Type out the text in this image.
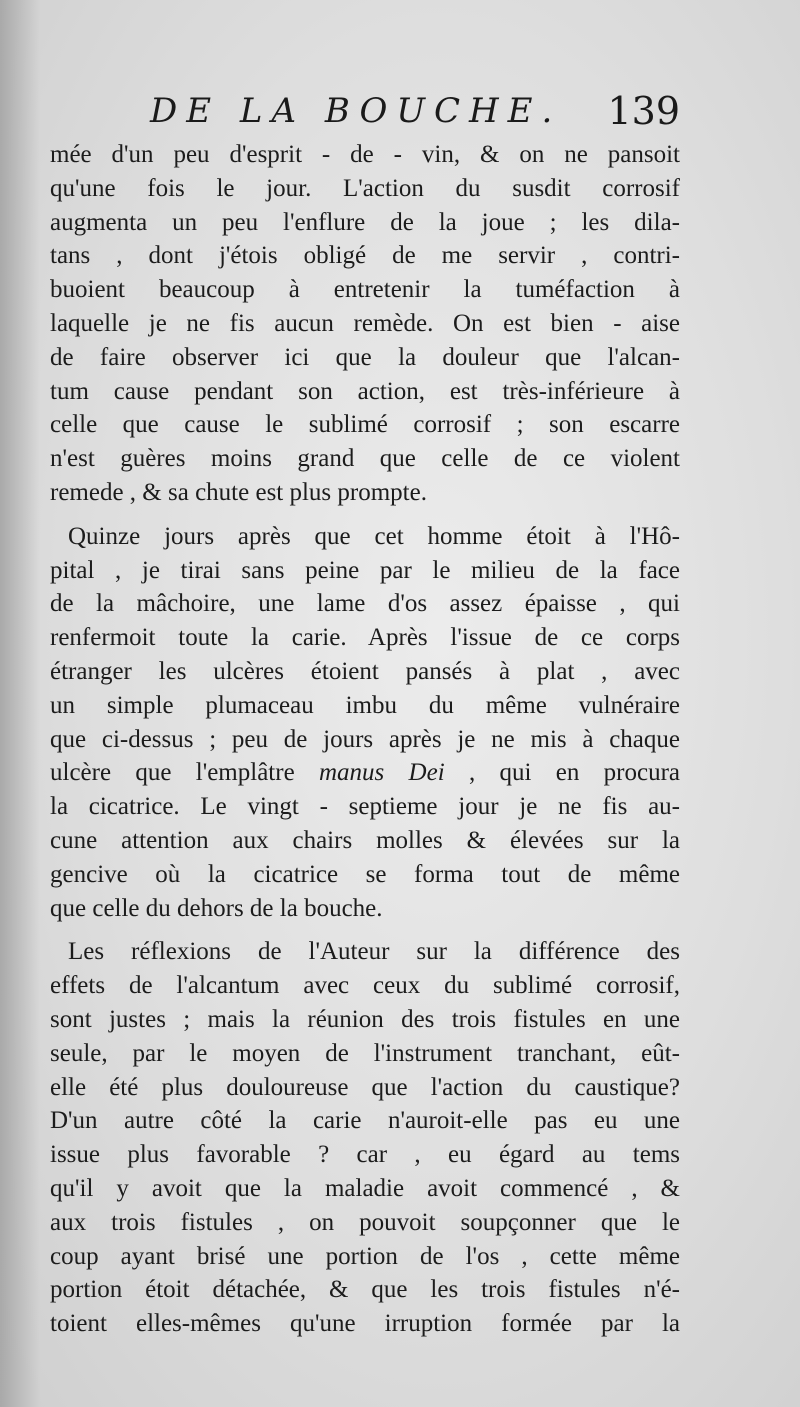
DE LA BOUCHE. 139
mée d'un peu d'esprit - de - vin, & on ne pansoit
qu'une fois le jour. L'action du susdit corrosif
augmenta un peu l'enflure de la joue ; les dila-
tans , dont j'étois obligé de me servir , contri-
buoient beaucoup à entretenir la tuméfaction à
laquelle je ne fis aucun remède. On est bien - aise
de faire observer ici que la douleur que l'alcan-
tum cause pendant son action, est très-inférieure à
celle que cause le sublimé corrosif ; son escarre
n'est guères moins grand que celle de ce violent
remede , & sa chute est plus prompte.
Quinze jours après que cet homme étoit à l'Hô-
pital , je tirai sans peine par le milieu de la face
de la mâchoire, une lame d'os assez épaisse , qui
renfermoit toute la carie. Après l'issue de ce corps
étranger les ulcères étoient pansés à plat , avec
un simple plumaceau imbu du même vulnéraire
que ci-dessus ; peu de jours après je ne mis à chaque
ulcère que l'emplâtre manus Dei , qui en procura
la cicatrice. Le vingt - septieme jour je ne fis au-
cune attention aux chairs molles & élevées sur la
gencive où la cicatrice se forma tout de même
que celle du dehors de la bouche.
Les réflexions de l'Auteur sur la différence des
effets de l'alcantum avec ceux du sublimé corrosif,
sont justes ; mais la réunion des trois fistules en une
seule, par le moyen de l'instrument tranchant, eût-
elle été plus douloureuse que l'action du caustique?
D'un autre côté la carie n'auroit-elle pas eu une
issue plus favorable ? car , eu égard au tems
qu'il y avoit que la maladie avoit commencé , &
aux trois fistules , on pouvoit soupçonner que le
coup ayant brisé une portion de l'os , cette même
portion étoit détachée, & que les trois fistules n'é-
toient elles-mêmes qu'une irruption formée par la
